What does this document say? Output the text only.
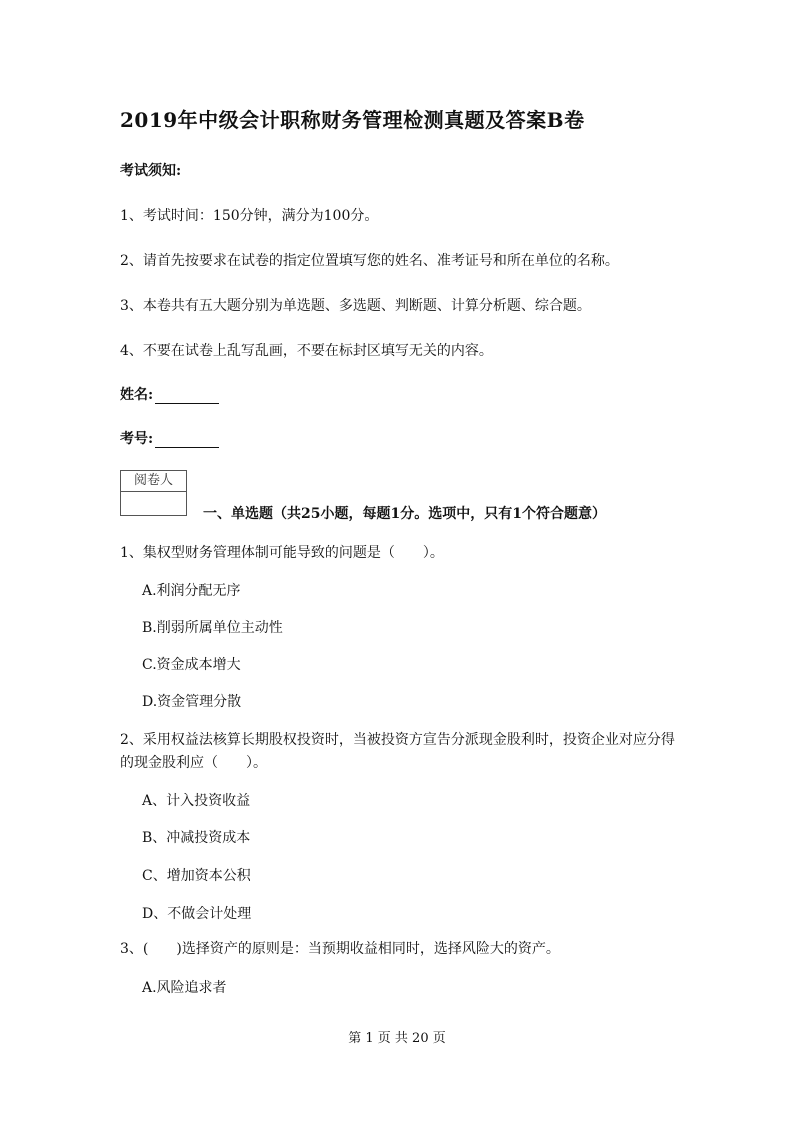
2019年中级会计职称财务管理检测真题及答案B卷
考试须知:
1、考试时间：150分钟，满分为100分。
2、请首先按要求在试卷的指定位置填写您的姓名、准考证号和所在单位的名称。
3、本卷共有五大题分别为单选题、多选题、判断题、计算分析题、综合题。
4、不要在试卷上乱写乱画，不要在标封区填写无关的内容。
姓名:
考号:
阅卷人
一、单选题（共25小题，每题1分。选项中，只有1个符合题意）
1、集权型财务管理体制可能导致的问题是（　　）。
A.利润分配无序
B.削弱所属单位主动性
C.资金成本增大
D.资金管理分散
2、采用权益法核算长期股权投资时，当被投资方宣告分派现金股利时，投资企业对应分得
的现金股利应（　　）。
A、计入投资收益
B、冲减投资成本
C、增加资本公积
D、不做会计处理
3、(　　)选择资产的原则是：当预期收益相同时，选择风险大的资产。
A.风险追求者
第 1 页 共 20 页
